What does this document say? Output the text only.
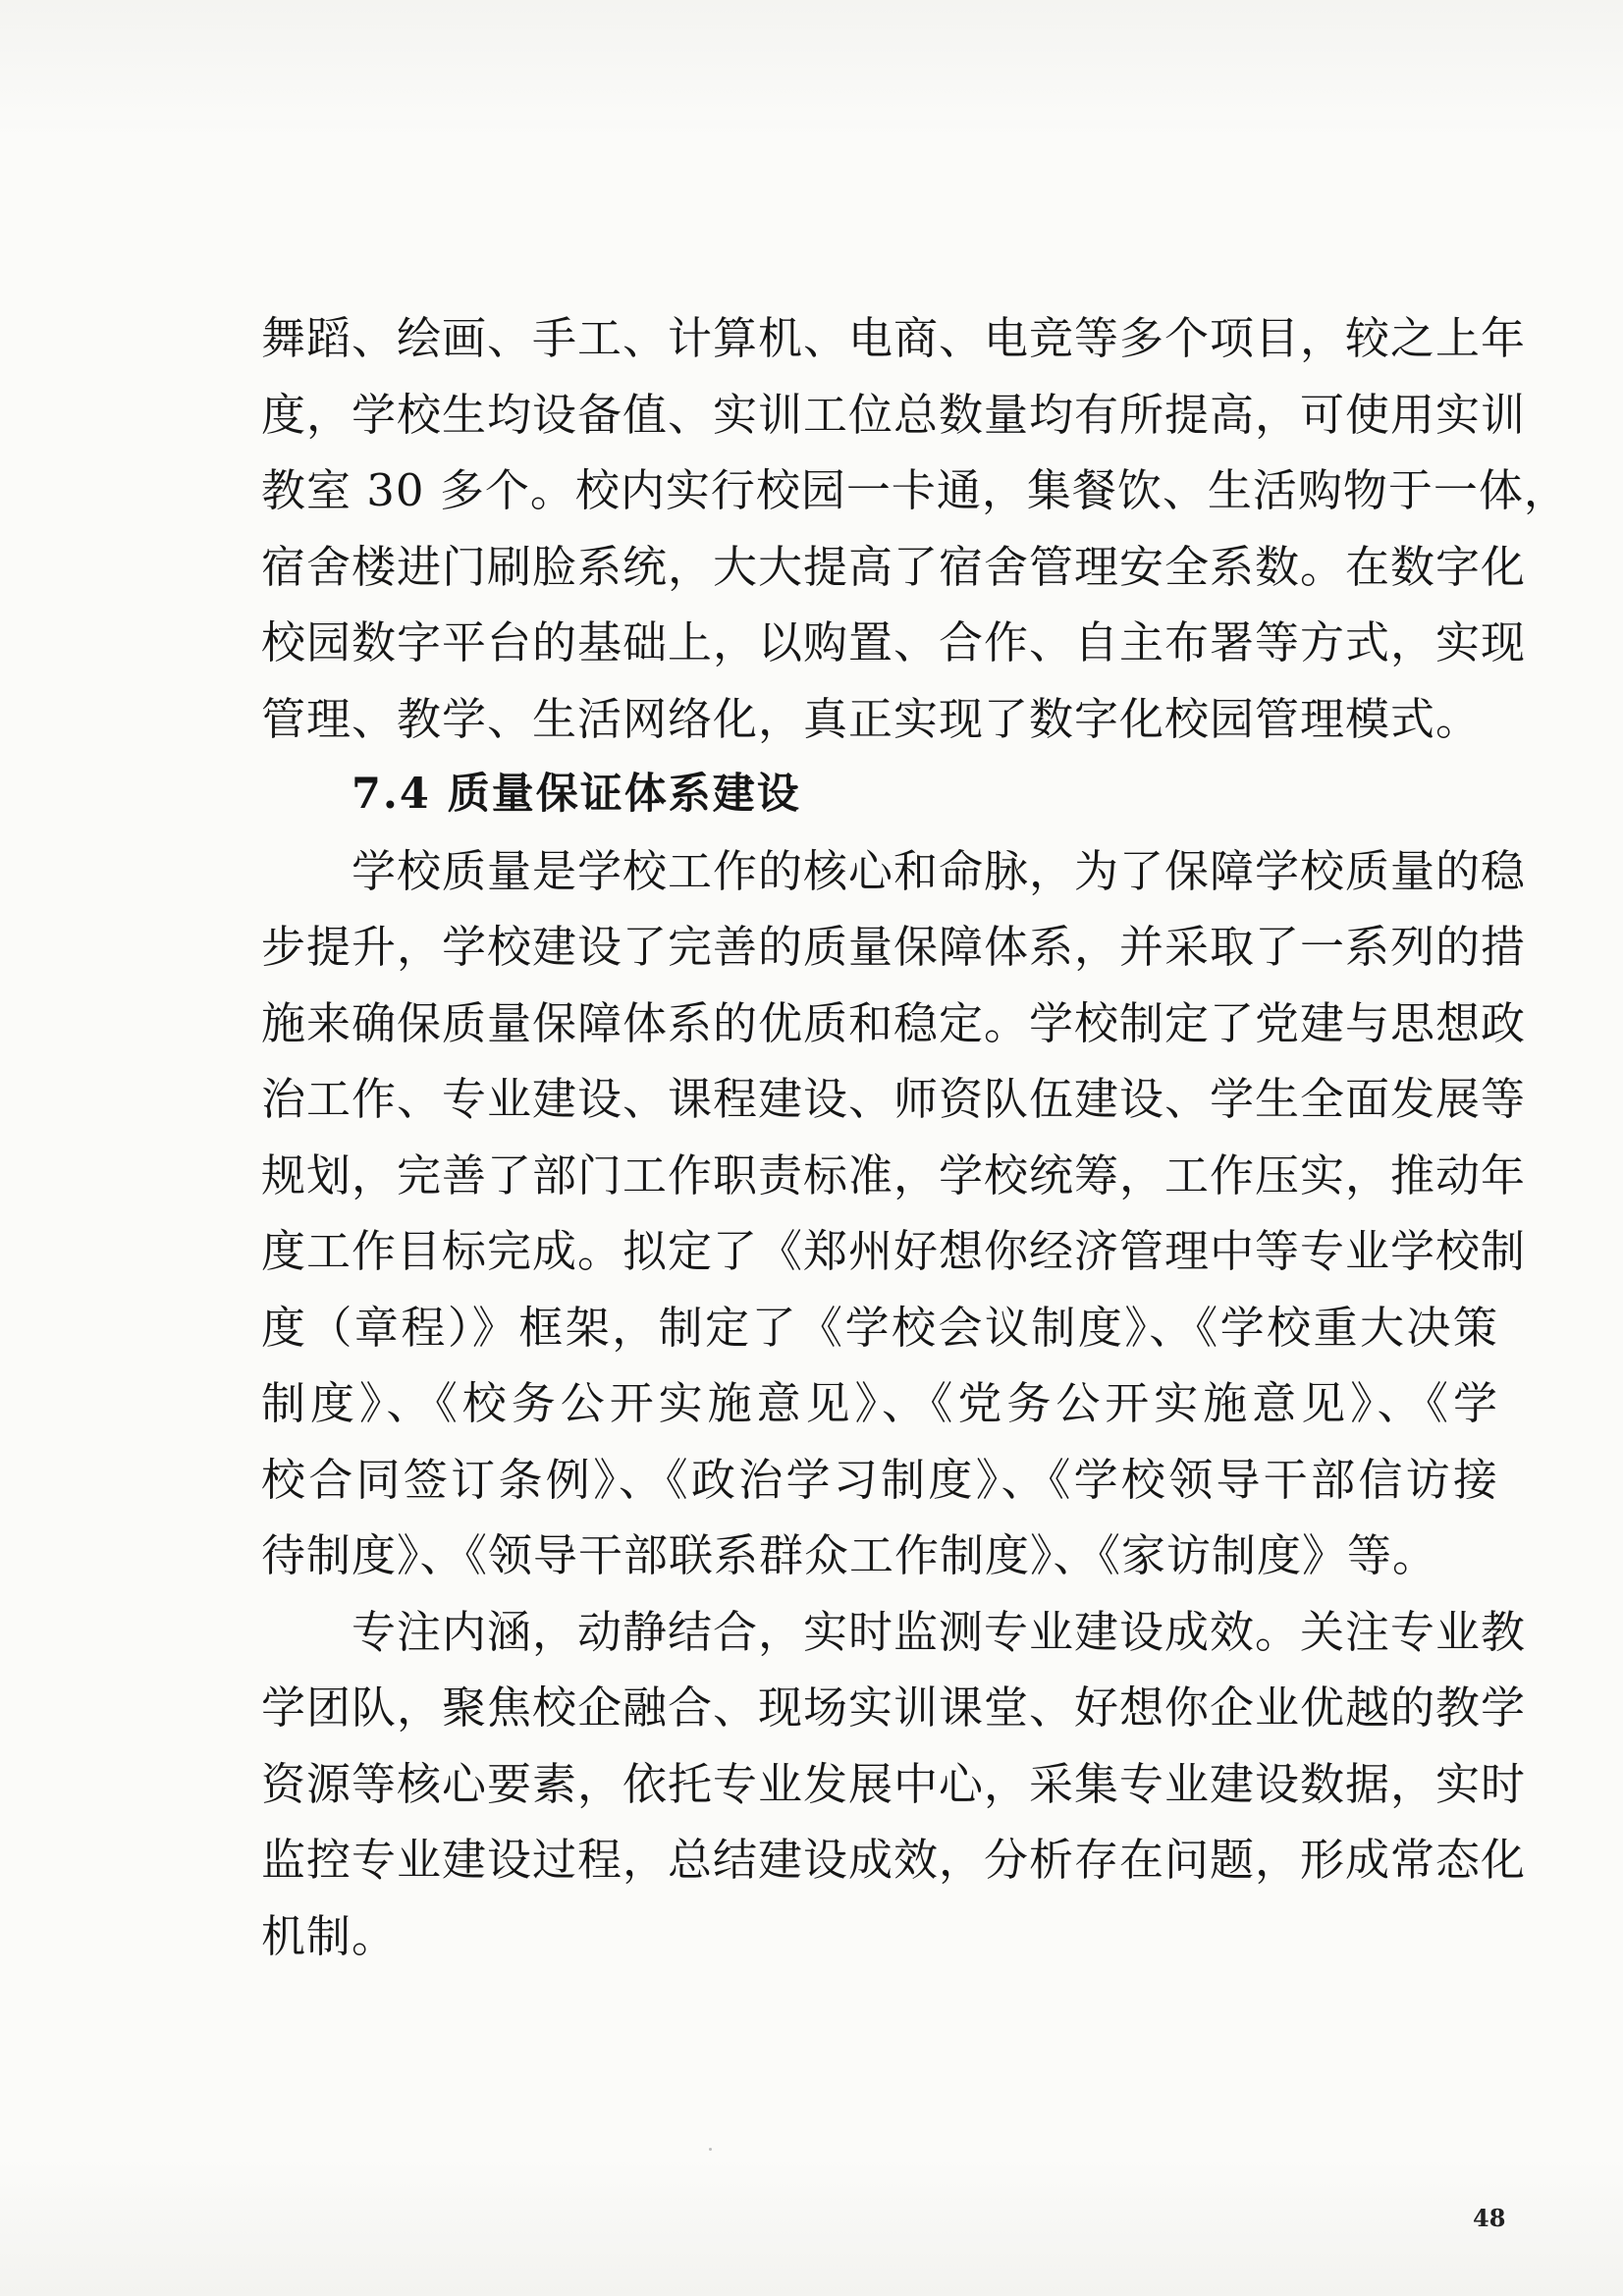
舞蹈、绘画、手工、计算机、电商、电竞等多个项目，较之上年
度，学校生均设备值、实训工位总数量均有所提高，可使用实训
教室 30 多个。校内实行校园一卡通，集餐饮、生活购物于一体，
宿舍楼进门刷脸系统，大大提高了宿舍管理安全系数。在数字化
校园数字平台的基础上，以购置、合作、自主布署等方式，实现
管理、教学、生活网络化，真正实现了数字化校园管理模式。
7.4 质量保证体系建设
学校质量是学校工作的核心和命脉，为了保障学校质量的稳
步提升，学校建设了完善的质量保障体系，并采取了一系列的措
施来确保质量保障体系的优质和稳定。学校制定了党建与思想政
治工作、专业建设、课程建设、师资队伍建设、学生全面发展等
规划，完善了部门工作职责标准，学校统筹，工作压实，推动年
度工作目标完成。拟定了《郑州好想你经济管理中等专业学校制
度（章程）》框架，制定了《学校会议制度》、《学校重大决策
制度》、《校务公开实施意见》、《党务公开实施意见》、《学
校合同签订条例》、《政治学习制度》、《学校领导干部信访接
待制度》、《领导干部联系群众工作制度》、《家访制度》等。
专注内涵，动静结合，实时监测专业建设成效。关注专业教
学团队，聚焦校企融合、现场实训课堂、好想你企业优越的教学
资源等核心要素，依托专业发展中心，采集专业建设数据，实时
监控专业建设过程，总结建设成效，分析存在问题，形成常态化
机制。
48
